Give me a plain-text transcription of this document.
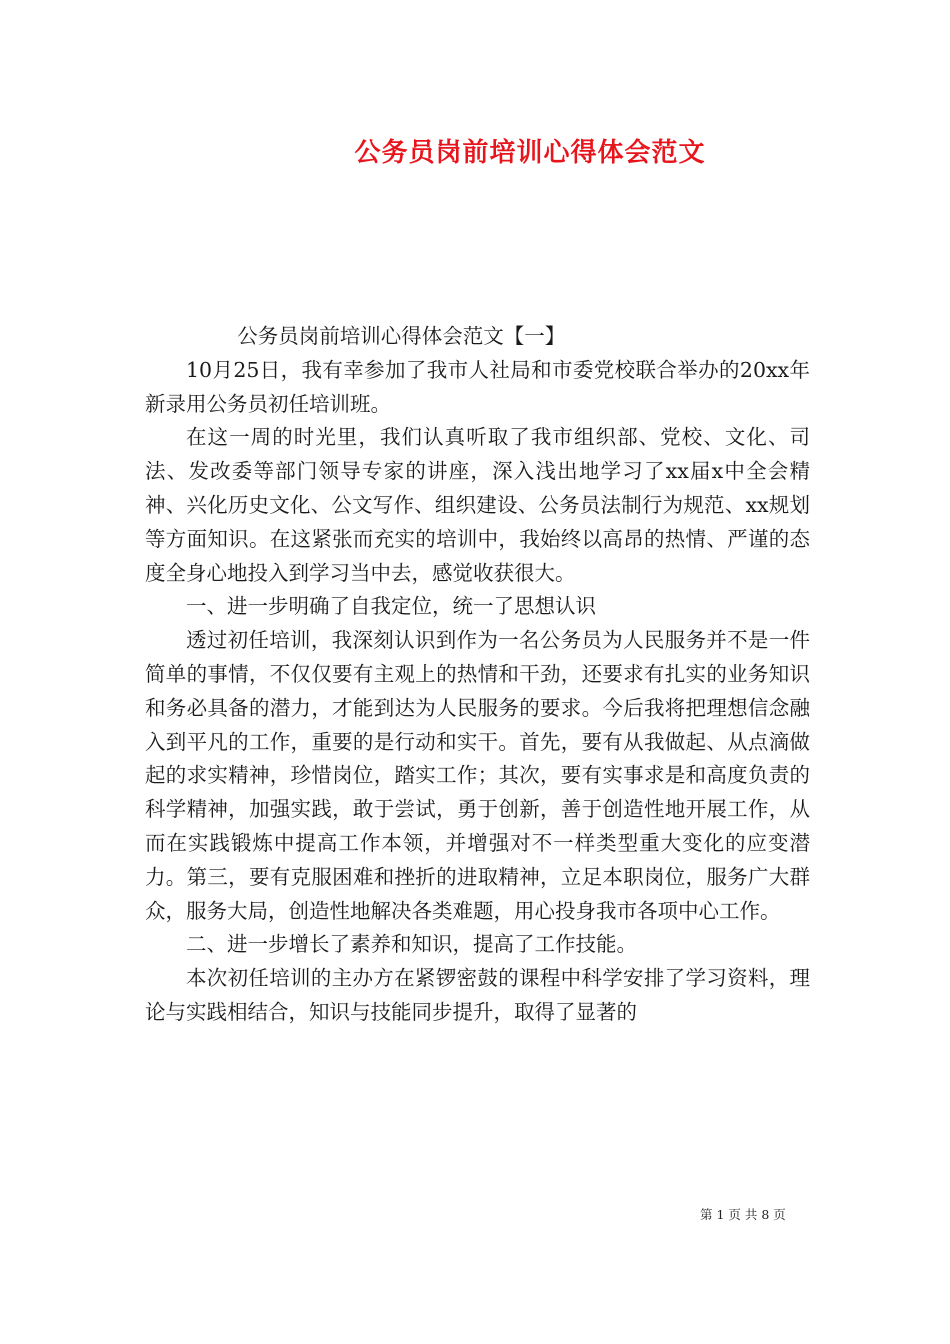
公务员岗前培训心得体会范文

公务员岗前培训心得体会范文【一】

10月25日，我有幸参加了我市人社局和市委党校联合举办的20xx年新录用公务员初任培训班。

在这一周的时光里，我们认真听取了我市组织部、党校、文化、司法、发改委等部门领导专家的讲座，深入浅出地学习了xx届x中全会精神、兴化历史文化、公文写作、组织建设、公务员法制行为规范、xx规划等方面知识。在这紧张而充实的培训中，我始终以高昂的热情、严谨的态度全身心地投入到学习当中去，感觉收获很大。

一、进一步明确了自我定位，统一了思想认识

透过初任培训，我深刻认识到作为一名公务员为人民服务并不是一件简单的事情，不仅仅要有主观上的热情和干劲，还要求有扎实的业务知识和务必具备的潜力，才能到达为人民服务的要求。今后我将把理想信念融入到平凡的工作，重要的是行动和实干。首先，要有从我做起、从点滴做起的求实精神，珍惜岗位，踏实工作；其次，要有实事求是和高度负责的科学精神，加强实践，敢于尝试，勇于创新，善于创造性地开展工作，从而在实践锻炼中提高工作本领，并增强对不一样类型重大变化的应变潜力。第三，要有克服困难和挫折的进取精神，立足本职岗位，服务广大群众，服务大局，创造性地解决各类难题，用心投身我市各项中心工作。

二、进一步增长了素养和知识，提高了工作技能。

本次初任培训的主办方在紧锣密鼓的课程中科学安排了学习资料，理论与实践相结合，知识与技能同步提升，取得了显著的

第 1 页 共 8 页
